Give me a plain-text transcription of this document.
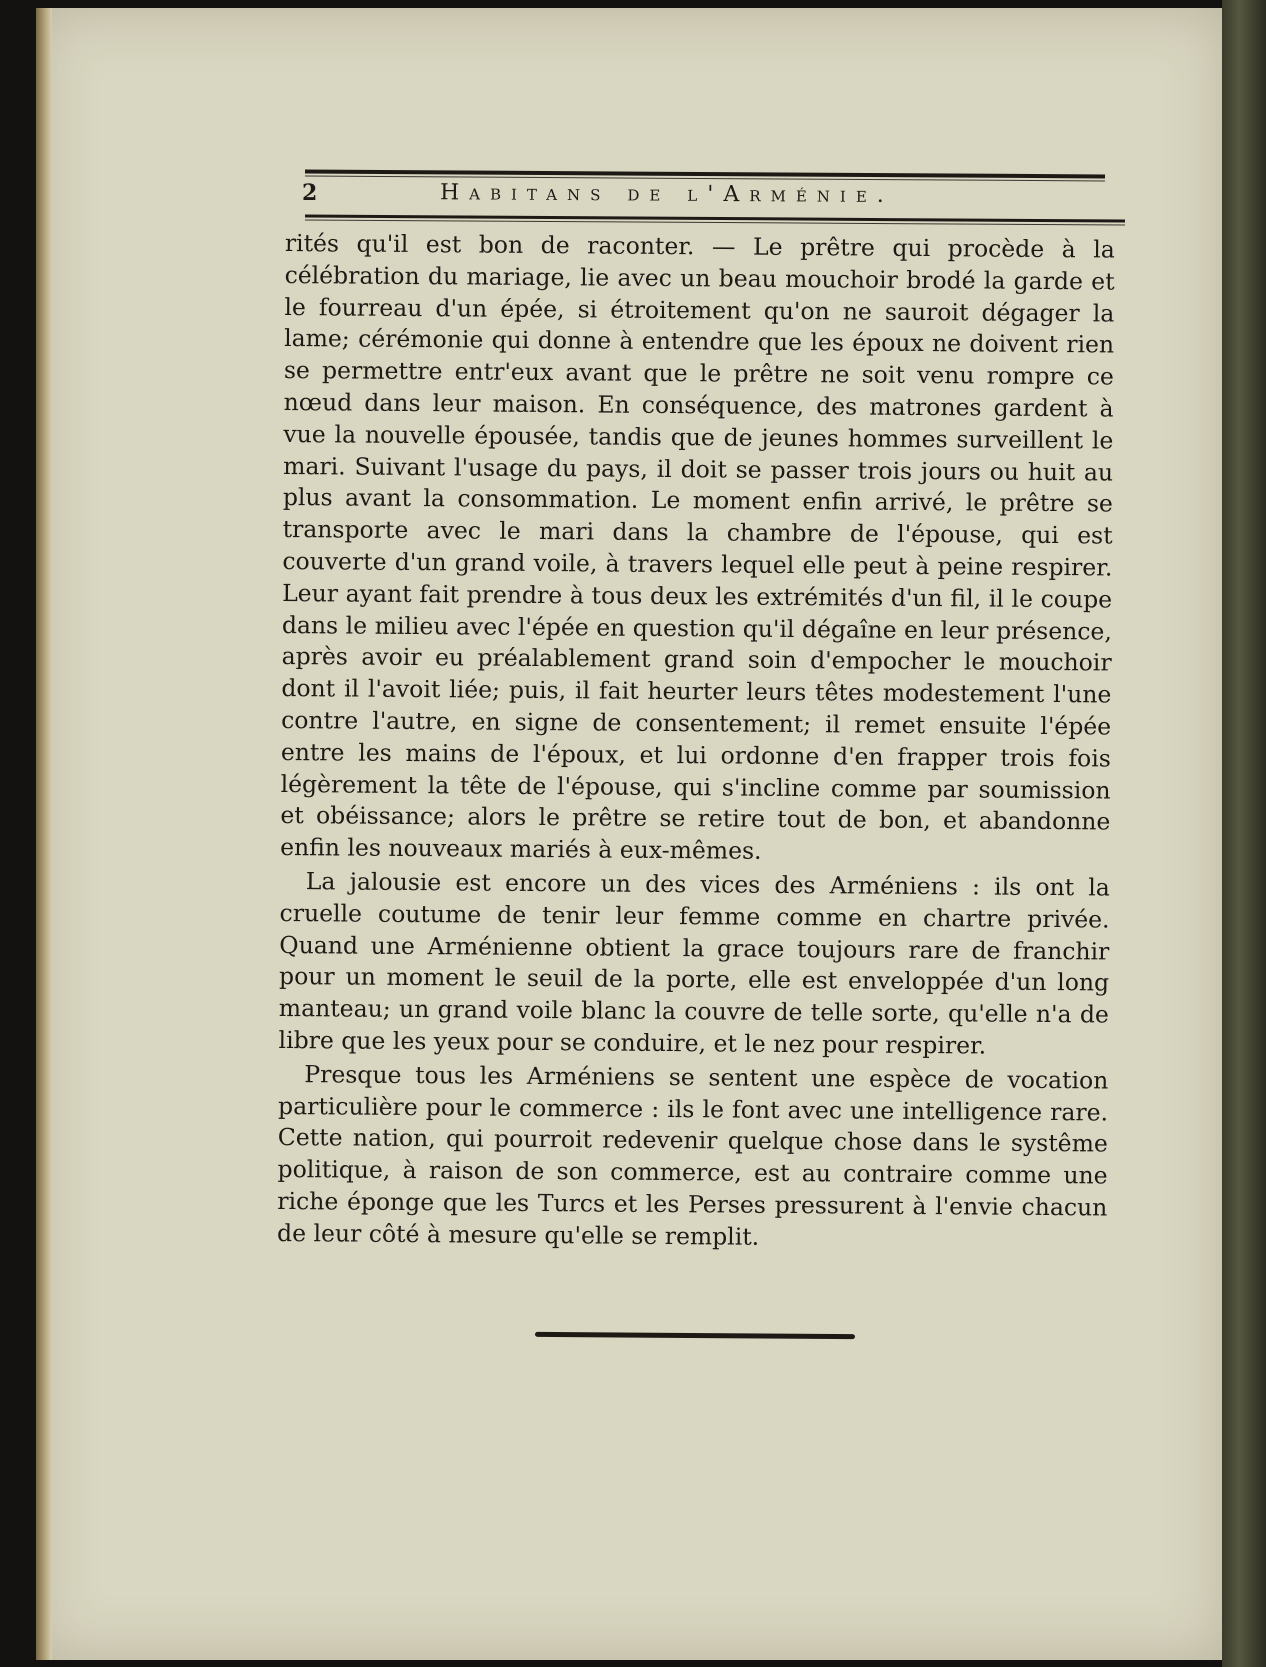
2	Habitans de l'Arménie.

rités qu'il est bon de raconter. — Le prêtre qui procède à la célébration du mariage, lie avec un beau mouchoir brodé la garde et le fourreau d'un épée, si étroitement qu'on ne sauroit dégager la lame; cérémonie qui donne à entendre que les époux ne doivent rien se permettre entr'eux avant que le prêtre ne soit venu rompre ce nœud dans leur maison. En conséquence, des matrones gardent à vue la nouvelle épousée, tandis que de jeunes hommes surveillent le mari. Suivant l'usage du pays, il doit se passer trois jours ou huit au plus avant la consommation. Le moment enfin arrivé, le prêtre se transporte avec le mari dans la chambre de l'épouse, qui est couverte d'un grand voile, à travers lequel elle peut à peine respirer. Leur ayant fait prendre à tous deux les extrémités d'un fil, il le coupe dans le milieu avec l'épée en question qu'il dégaîne en leur présence, après avoir eu préalablement grand soin d'empocher le mouchoir dont il l'avoit liée; puis, il fait heurter leurs têtes modestement l'une contre l'autre, en signe de consentement; il remet ensuite l'épée entre les mains de l'époux, et lui ordonne d'en frapper trois fois légèrement la tête de l'épouse, qui s'incline comme par soumission et obéissance; alors le prêtre se retire tout de bon, et abandonne enfin les nouveaux mariés à eux-mêmes.

La jalousie est encore un des vices des Arméniens : ils ont la cruelle coutume de tenir leur femme comme en chartre privée. Quand une Arménienne obtient la grace toujours rare de franchir pour un moment le seuil de la porte, elle est enveloppée d'un long manteau; un grand voile blanc la couvre de telle sorte, qu'elle n'a de libre que les yeux pour se conduire, et le nez pour respirer.

Presque tous les Arméniens se sentent une espèce de vocation particulière pour le commerce : ils le font avec une intelligence rare. Cette nation, qui pourroit redevenir quelque chose dans le systême politique, à raison de son commerce, est au contraire comme une riche éponge que les Turcs et les Perses pressurent à l'envie chacun de leur côté à mesure qu'elle se remplit.
